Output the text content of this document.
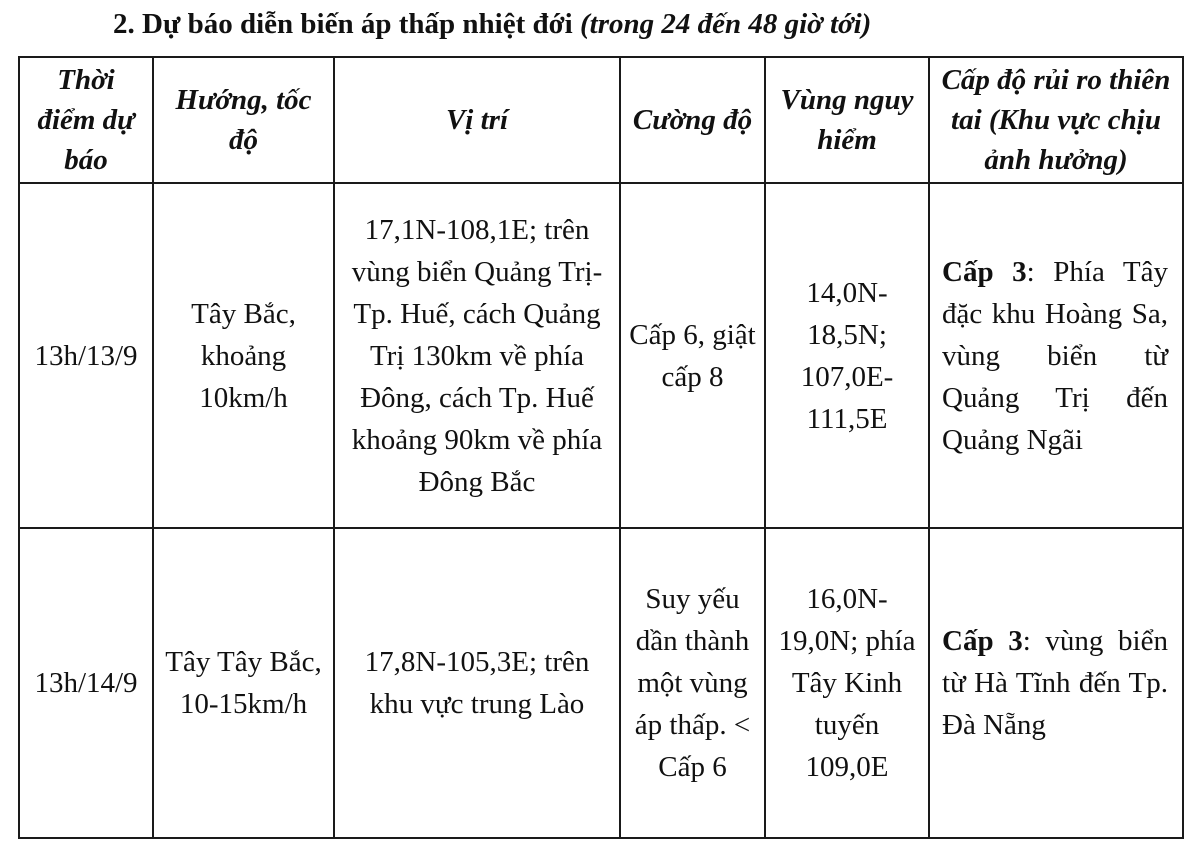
2. Dự báo diễn biến áp thấp nhiệt đới (trong 24 đến 48 giờ tới)
Thời điểm dự báo	Hướng, tốc độ	Vị trí	Cường độ	Vùng nguy hiểm	Cấp độ rủi ro thiên tai (Khu vực chịu ảnh hưởng)
13h/13/9	Tây Bắc, khoảng 10km/h	17,1N-108,1E; trên vùng biển Quảng Trị-Tp. Huế, cách Quảng Trị 130km về phía Đông, cách Tp. Huế khoảng 90km về phía Đông Bắc	Cấp 6, giật cấp 8	14,0N-18,5N; 107,0E-111,5E	Cấp 3: Phía Tây đặc khu Hoàng Sa, vùng biển từ Quảng Trị đến Quảng Ngãi
13h/14/9	Tây Tây Bắc, 10-15km/h	17,8N-105,3E; trên khu vực trung Lào	Suy yếu dần thành một vùng áp thấp. < Cấp 6	16,0N-19,0N; phía Tây Kinh tuyến 109,0E	Cấp 3: vùng biển từ Hà Tĩnh đến Tp. Đà Nẵng
